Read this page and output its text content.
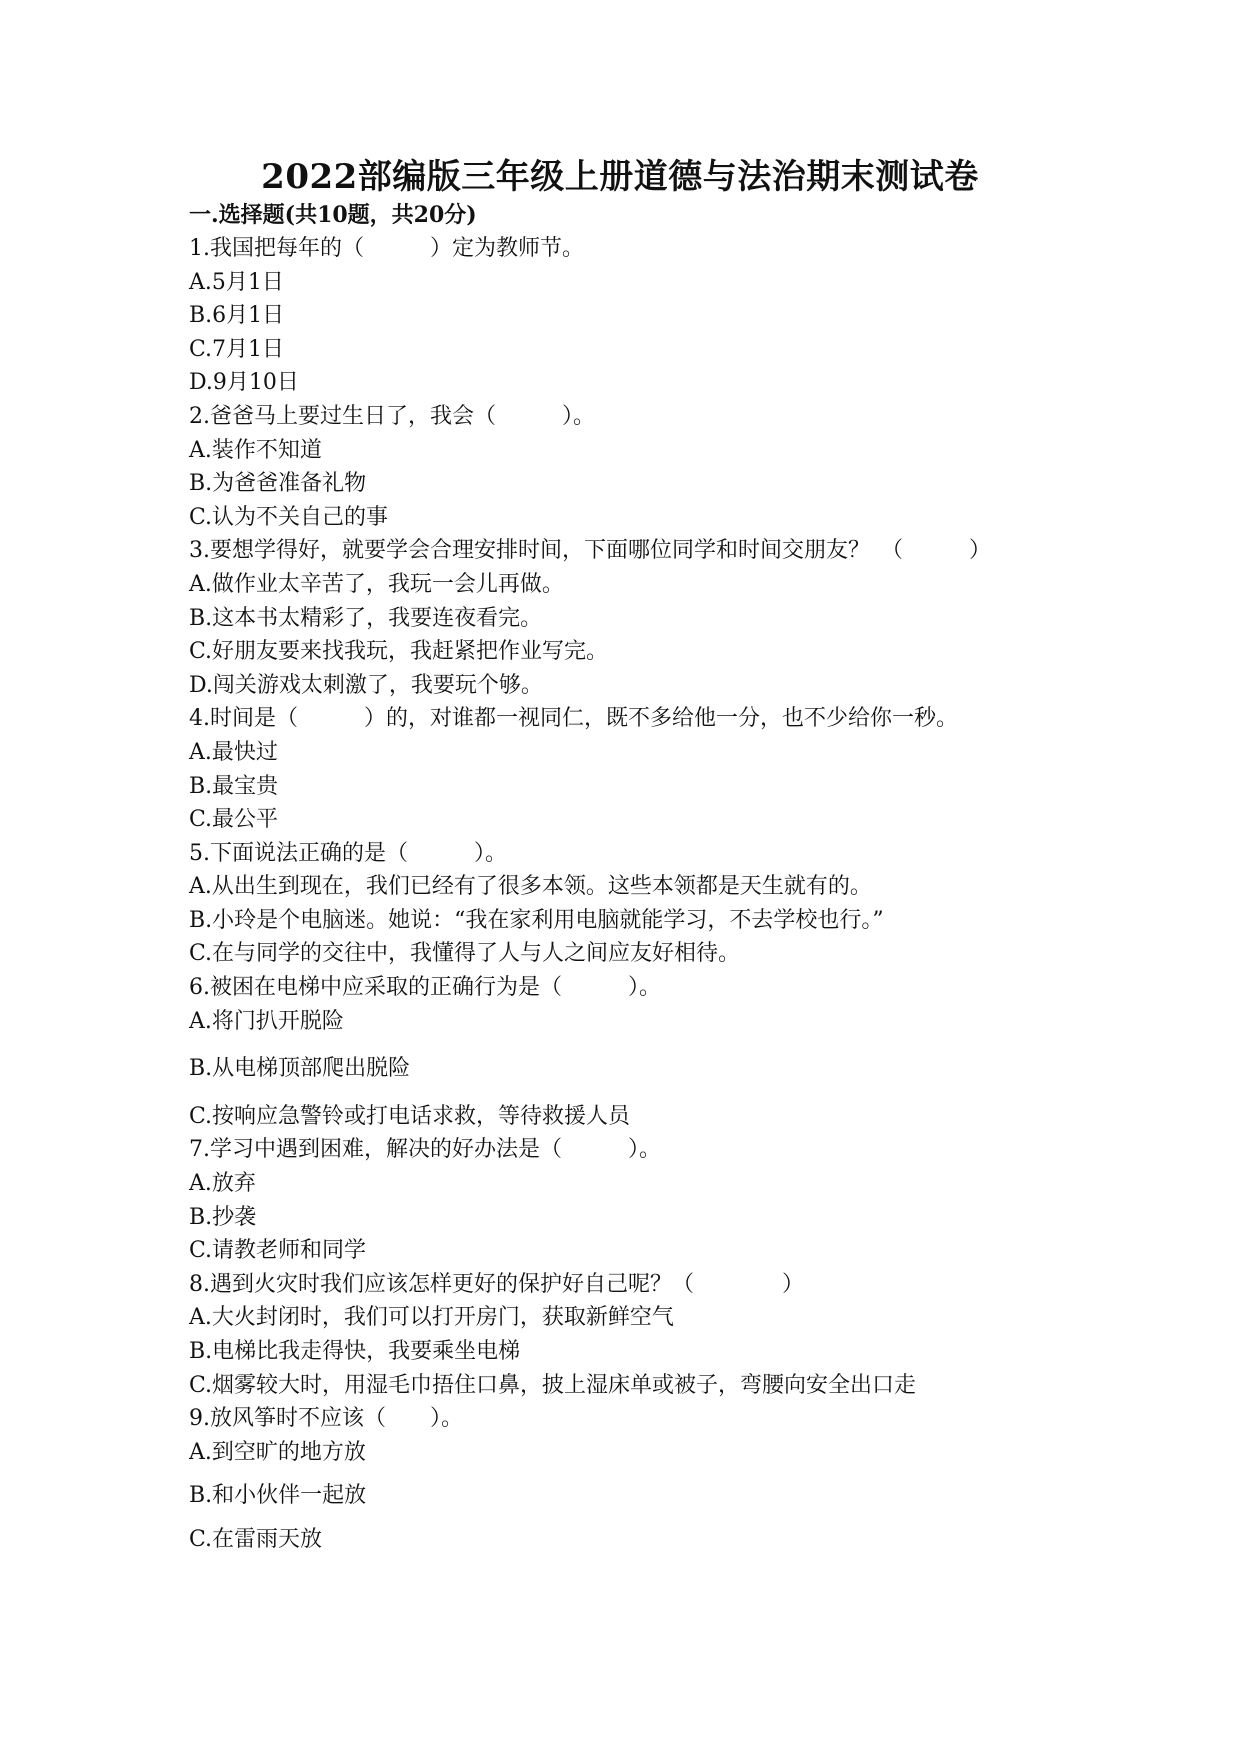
2022部编版三年级上册道德与法治期末测试卷
一.选择题(共10题，共20分)
1.我国把每年的（　　　）定为教师节。
A.5月1日
B.6月1日
C.7月1日
D.9月10日
2.爸爸马上要过生日了，我会（　　　）。
A.装作不知道
B.为爸爸准备礼物
C.认为不关自己的事
3.要想学得好，就要学会合理安排时间，下面哪位同学和时间交朋友？　（　　　）
A.做作业太辛苦了，我玩一会儿再做。
B.这本书太精彩了，我要连夜看完。
C.好朋友要来找我玩，我赶紧把作业写完。
D.闯关游戏太刺激了，我要玩个够。
4.时间是（　　　）的，对谁都一视同仁，既不多给他一分，也不少给你一秒。
A.最快过
B.最宝贵
C.最公平
5.下面说法正确的是（　　　）。
A.从出生到现在，我们已经有了很多本领。这些本领都是天生就有的。
B.小玲是个电脑迷。她说：“我在家利用电脑就能学习，不去学校也行。”
C.在与同学的交往中，我懂得了人与人之间应友好相待。
6.被困在电梯中应采取的正确行为是（　　　）。
A.将门扒开脱险
B.从电梯顶部爬出脱险
C.按响应急警铃或打电话求救，等待救援人员
7.学习中遇到困难，解决的好办法是（　　　）。
A.放弃
B.抄袭
C.请教老师和同学
8.遇到火灾时我们应该怎样更好的保护好自己呢？（　　　　）
A.大火封闭时，我们可以打开房门，获取新鲜空气
B.电梯比我走得快，我要乘坐电梯
C.烟雾较大时，用湿毛巾捂住口鼻，披上湿床单或被子，弯腰向安全出口走
9.放风筝时不应该（　　）。
A.到空旷的地方放
B.和小伙伴一起放
C.在雷雨天放
